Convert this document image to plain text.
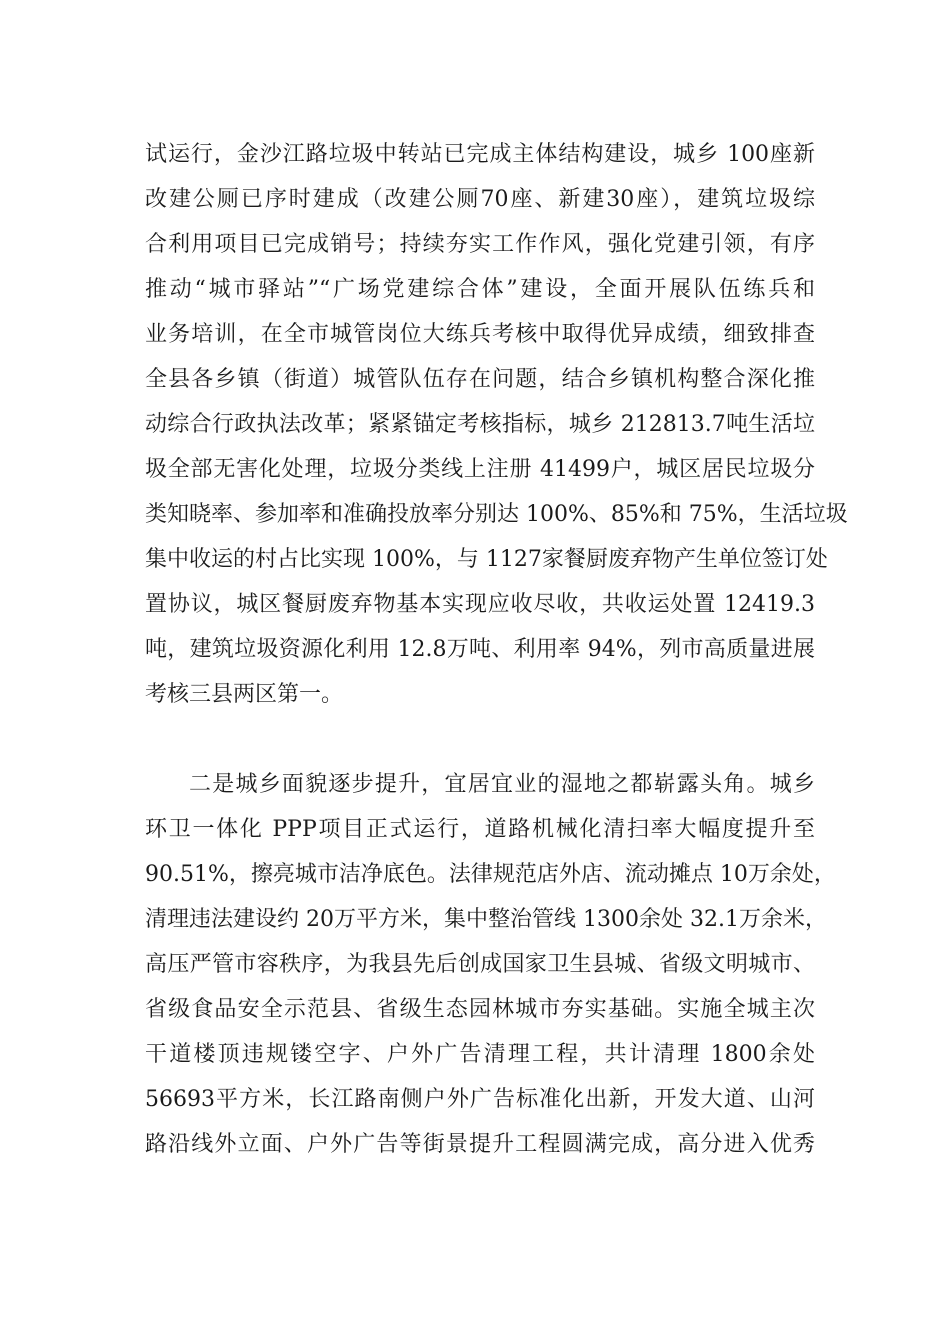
试运行，金沙江路垃圾中转站已完成主体结构建设，城乡 100座新
改建公厕已序时建成（改建公厕70座、新建30座），建筑垃圾综
合利用项目已完成销号；持续夯实工作作风，强化党建引领，有序
推动“城市驿站”“广场党建综合体”建设，全面开展队伍练兵和
业务培训，在全市城管岗位大练兵考核中取得优异成绩，细致排查
全县各乡镇（街道）城管队伍存在问题，结合乡镇机构整合深化推
动综合行政执法改革；紧紧锚定考核指标，城乡 212813.7吨生活垃
圾全部无害化处理，垃圾分类线上注册 41499户，城区居民垃圾分
类知晓率、参加率和准确投放率分别达 100%、85%和 75%，生活垃圾
集中收运的村占比实现 100%，与 1127家餐厨废弃物产生单位签订处
置协议，城区餐厨废弃物基本实现应收尽收，共收运处置 12419.3
吨，建筑垃圾资源化利用 12.8万吨、利用率 94%，列市高质量进展
考核三县两区第一。
二是城乡面貌逐步提升，宜居宜业的湿地之都崭露头角。城乡
环卫一体化 PPP项目正式运行，道路机械化清扫率大幅度提升至
90.51%，擦亮城市洁净底色。法律规范店外店、流动摊点 10万余处，
清理违法建设约 20万平方米，集中整治管线 1300余处 32.1万余米，
高压严管市容秩序，为我县先后创成国家卫生县城、省级文明城市、
省级食品安全示范县、省级生态园林城市夯实基础。实施全城主次
干道楼顶违规镂空字、户外广告清理工程，共计清理 1800余处
56693平方米，长江路南侧户外广告标准化出新，开发大道、山河
路沿线外立面、户外广告等街景提升工程圆满完成，高分进入优秀
